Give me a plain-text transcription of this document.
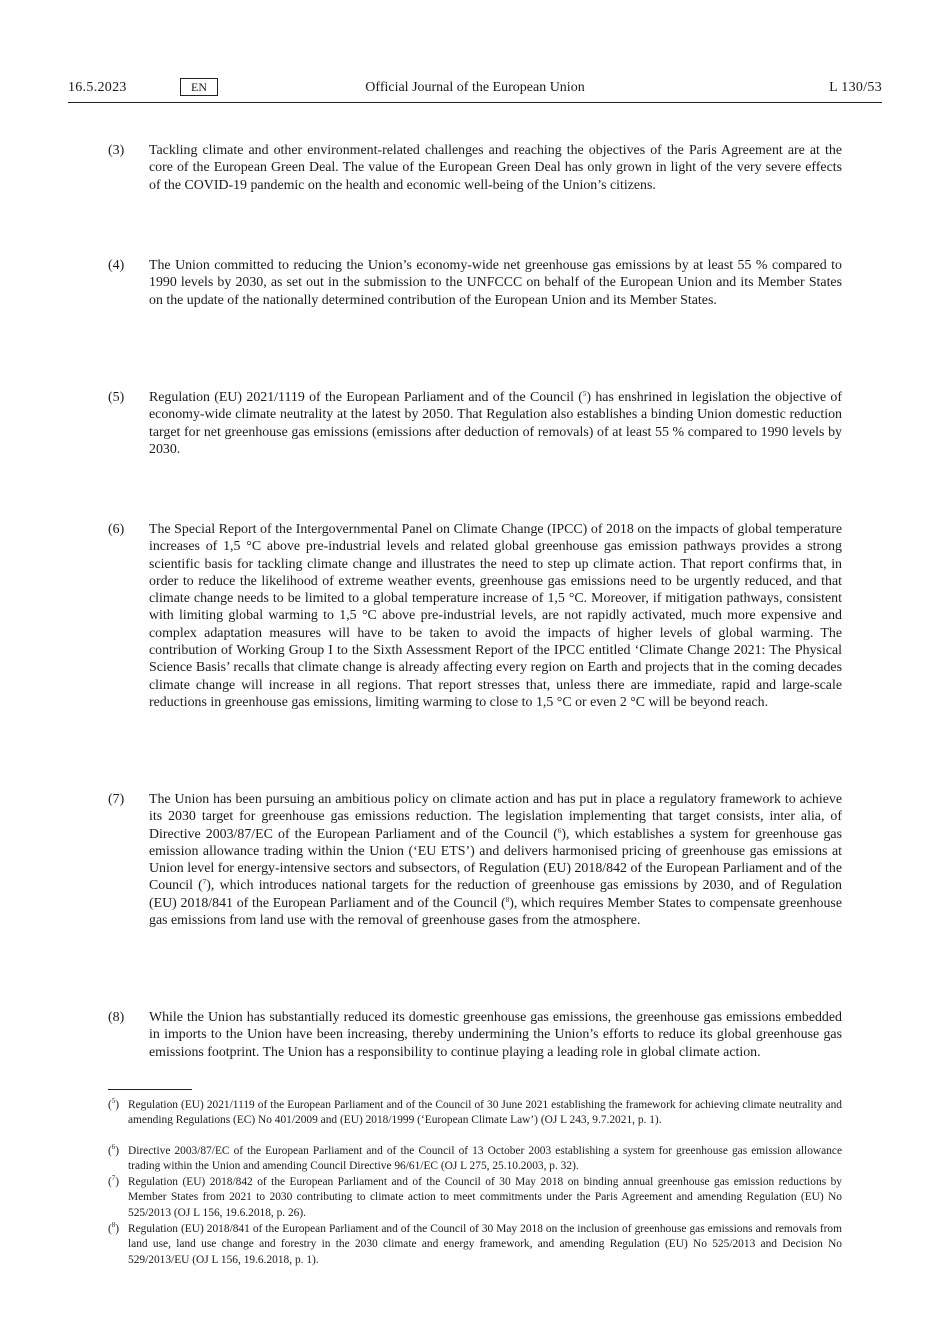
16.5.2023	EN	Official Journal of the European Union	L 130/53
(3) Tackling climate and other environment-related challenges and reaching the objectives of the Paris Agreement are at the core of the European Green Deal. The value of the European Green Deal has only grown in light of the very severe effects of the COVID-19 pandemic on the health and economic well-being of the Union’s citizens.
(4) The Union committed to reducing the Union’s economy-wide net greenhouse gas emissions by at least 55 % compared to 1990 levels by 2030, as set out in the submission to the UNFCCC on behalf of the European Union and its Member States on the update of the nationally determined contribution of the European Union and its Member States.
(5) Regulation (EU) 2021/1119 of the European Parliament and of the Council ($^5$) has enshrined in legislation the objective of economy-wide climate neutrality at the latest by 2050. That Regulation also establishes a binding Union domestic reduction target for net greenhouse gas emissions (emissions after deduction of removals) of at least 55 % compared to 1990 levels by 2030.
(6) The Special Report of the Intergovernmental Panel on Climate Change (IPCC) of 2018 on the impacts of global temperature increases of 1,5 °C above pre-industrial levels and related global greenhouse gas emission pathways provides a strong scientific basis for tackling climate change and illustrates the need to step up climate action. That report confirms that, in order to reduce the likelihood of extreme weather events, greenhouse gas emissions need to be urgently reduced, and that climate change needs to be limited to a global temperature increase of 1,5 °C. Moreover, if mitigation pathways, consistent with limiting global warming to 1,5 °C above pre-industrial levels, are not rapidly activated, much more expensive and complex adaptation measures will have to be taken to avoid the impacts of higher levels of global warming. The contribution of Working Group I to the Sixth Assessment Report of the IPCC entitled ‘Climate Change 2021: The Physical Science Basis’ recalls that climate change is already affecting every region on Earth and projects that in the coming decades climate change will increase in all regions. That report stresses that, unless there are immediate, rapid and large-scale reductions in greenhouse gas emissions, limiting warming to close to 1,5 °C or even 2 °C will be beyond reach.
(7) The Union has been pursuing an ambitious policy on climate action and has put in place a regulatory framework to achieve its 2030 target for greenhouse gas emissions reduction. The legislation implementing that target consists, inter alia, of Directive 2003/87/EC of the European Parliament and of the Council ($^6$), which establishes a system for greenhouse gas emission allowance trading within the Union (‘EU ETS’) and delivers harmonised pricing of greenhouse gas emissions at Union level for energy-intensive sectors and subsectors, of Regulation (EU) 2018/842 of the European Parliament and of the Council ($^7$), which introduces national targets for the reduction of greenhouse gas emissions by 2030, and of Regulation (EU) 2018/841 of the European Parliament and of the Council ($^8$), which requires Member States to compensate greenhouse gas emissions from land use with the removal of greenhouse gases from the atmosphere.
(8) While the Union has substantially reduced its domestic greenhouse gas emissions, the greenhouse gas emissions embedded in imports to the Union have been increasing, thereby undermining the Union’s efforts to reduce its global greenhouse gas emissions footprint. The Union has a responsibility to continue playing a leading role in global climate action.
($^5$) Regulation (EU) 2021/1119 of the European Parliament and of the Council of 30 June 2021 establishing the framework for achieving climate neutrality and amending Regulations (EC) No 401/2009 and (EU) 2018/1999 (‘European Climate Law’) (OJ L 243, 9.7.2021, p. 1).
($^6$) Directive 2003/87/EC of the European Parliament and of the Council of 13 October 2003 establishing a system for greenhouse gas emission allowance trading within the Union and amending Council Directive 96/61/EC (OJ L 275, 25.10.2003, p. 32).
($^7$) Regulation (EU) 2018/842 of the European Parliament and of the Council of 30 May 2018 on binding annual greenhouse gas emission reductions by Member States from 2021 to 2030 contributing to climate action to meet commitments under the Paris Agreement and amending Regulation (EU) No 525/2013 (OJ L 156, 19.6.2018, p. 26).
($^8$) Regulation (EU) 2018/841 of the European Parliament and of the Council of 30 May 2018 on the inclusion of greenhouse gas emissions and removals from land use, land use change and forestry in the 2030 climate and energy framework, and amending Regulation (EU) No 525/2013 and Decision No 529/2013/EU (OJ L 156, 19.6.2018, p. 1).
